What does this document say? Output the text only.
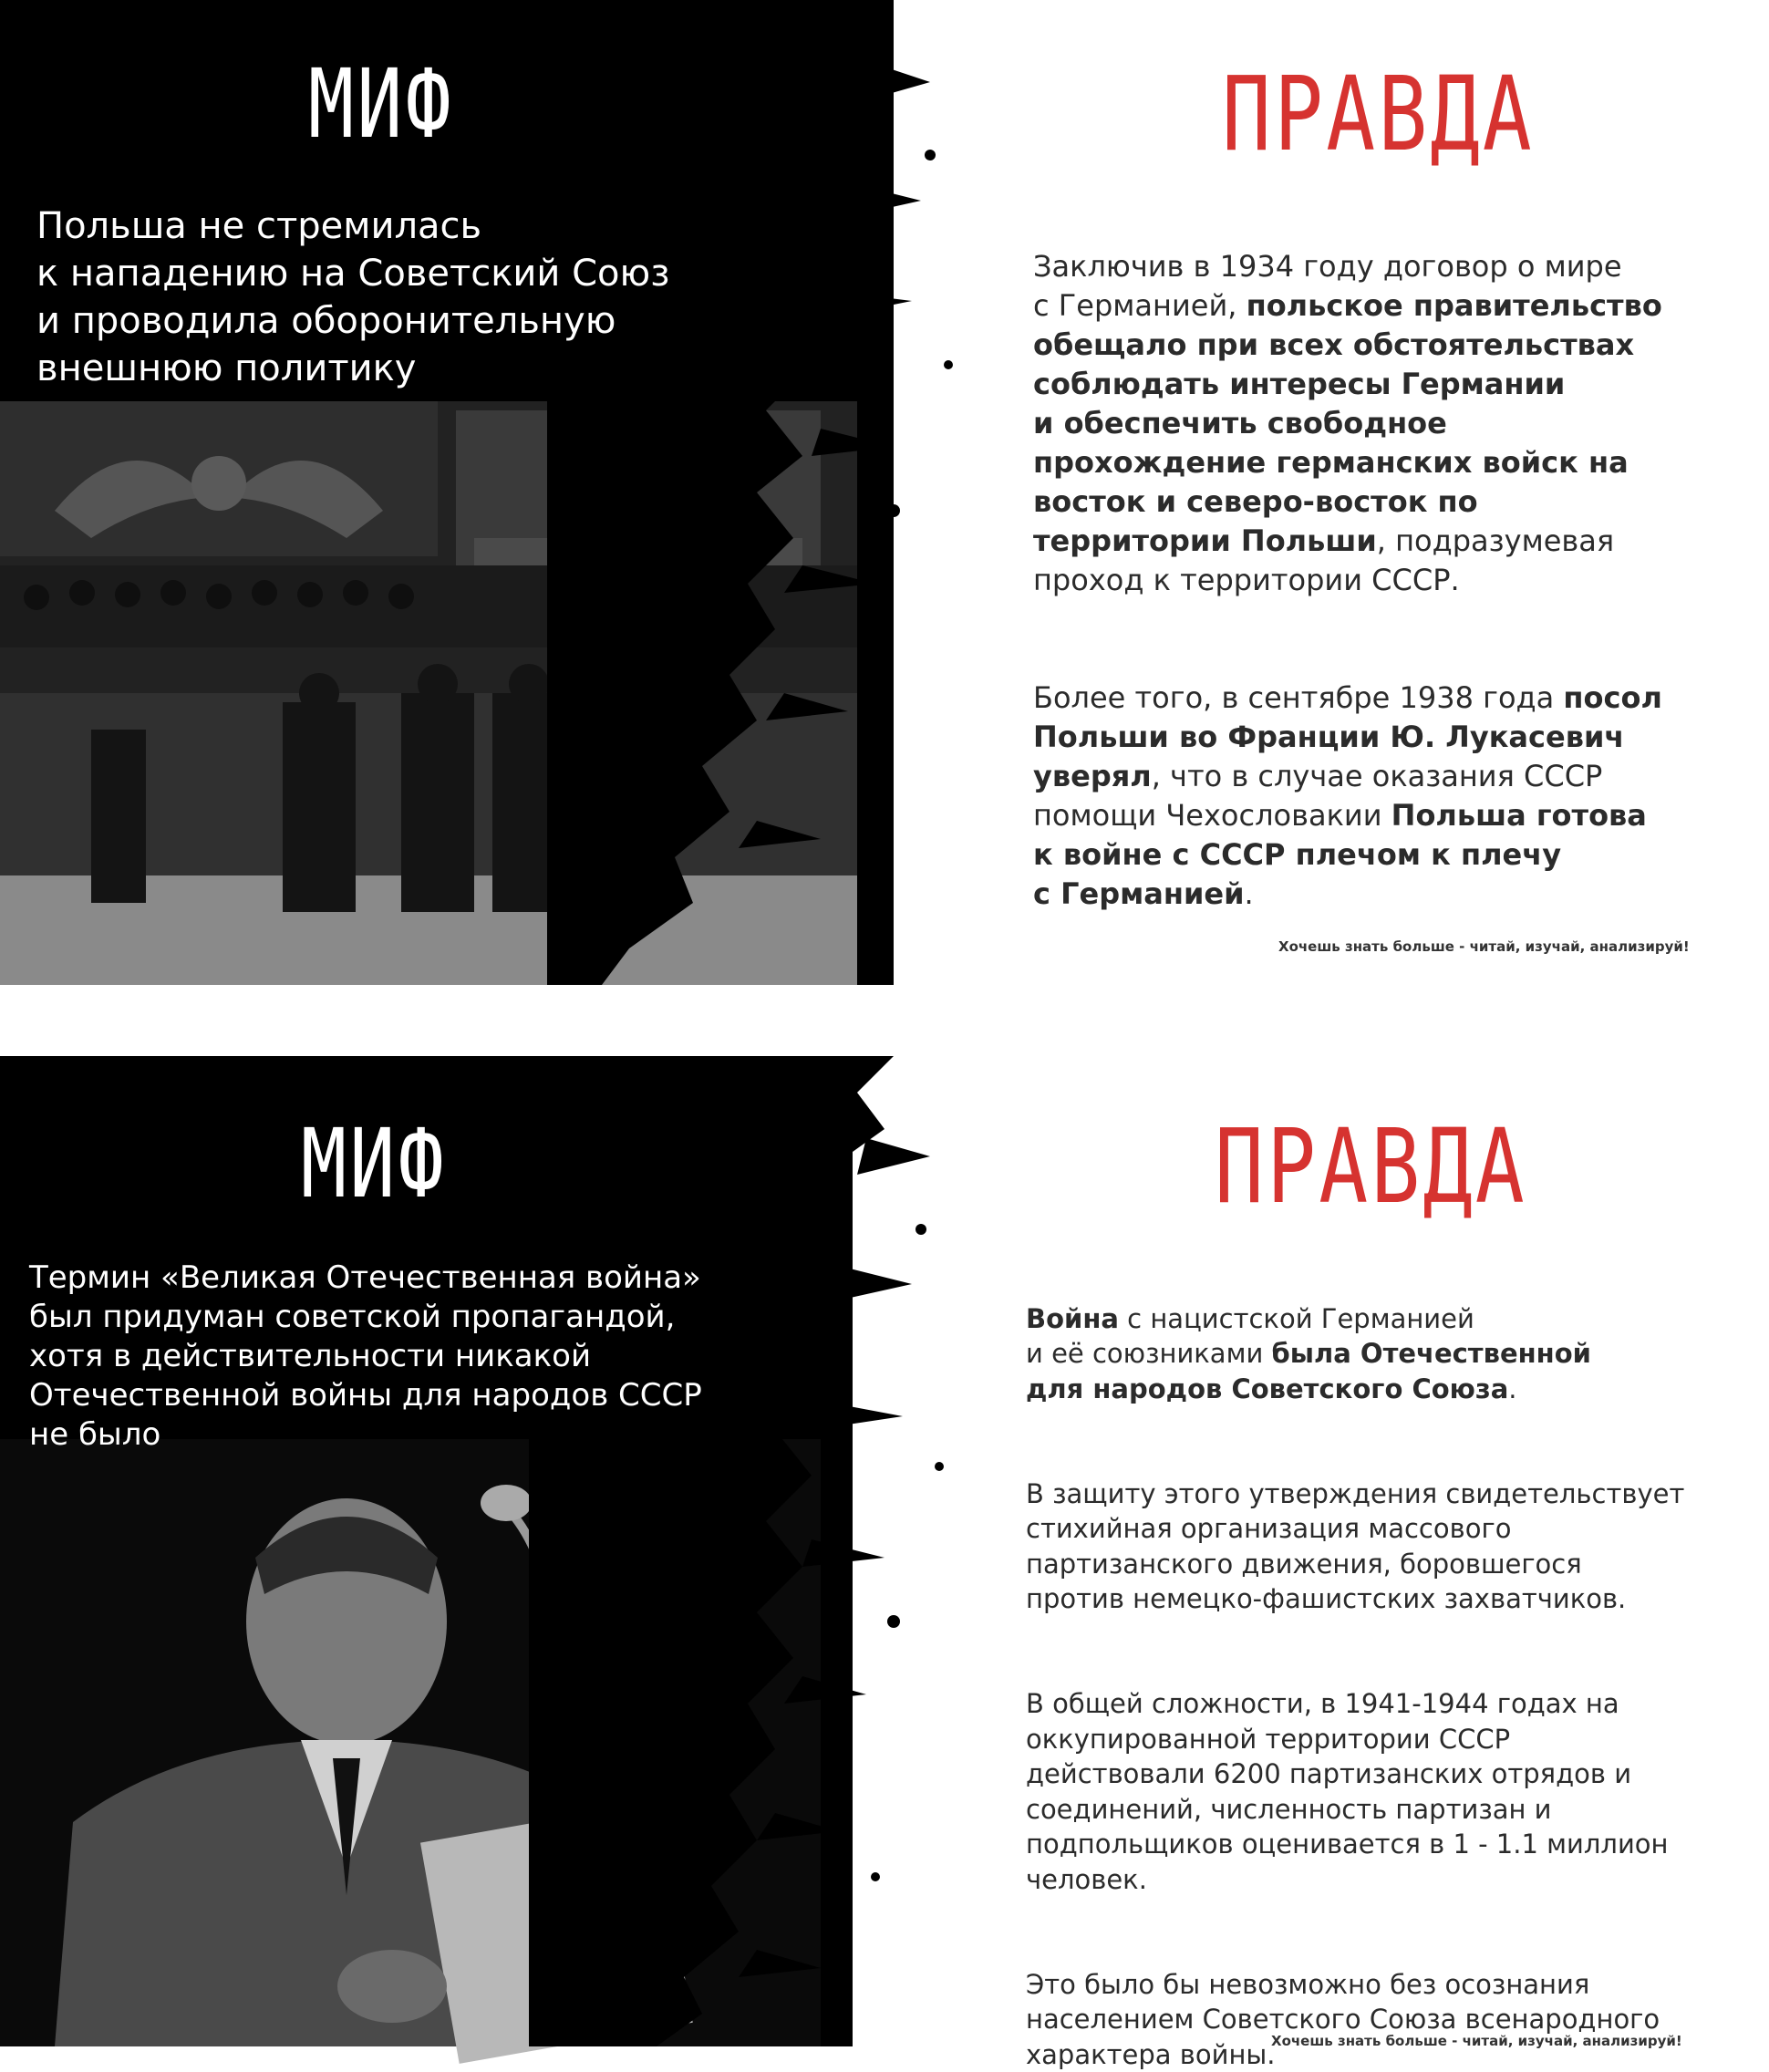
МИФ	ПРАВДА

Польша не стремилась
к нападению на Советский Союз
и проводила оборонительную
внешнюю политику

Заключив в 1934 году договор о мире
с Германией, польское правительство
обещало при всех обстоятельствах
соблюдать интересы Германии
и обеспечить свободное
прохождение германских войск на
восток и северо-восток по
территории Польши, подразумевая
проход к территории СССР.

Более того, в сентябре 1938 года посол
Польши во Франции Ю. Лукасевич
уверял, что в случае оказания СССР
помощи Чехословакии Польша готова
к войне с СССР плечом к плечу
с Германией.

Хочешь знать больше - читай, изучай, анализируй!

МИФ	ПРАВДА

Термин «Великая Отечественная война»
был придуман советской пропагандой,
хотя в действительности никакой
Отечественной войны для народов СССР
не было

Война с нацистской Германией
и её союзниками была Отечественной
для народов Советского Союза.

В защиту этого утверждения свидетельствует
стихийная организация массового
партизанского движения, боровшегося
против немецко-фашистских захватчиков.

В общей сложности, в 1941-1944 годах на
оккупированной территории СССР
действовали 6200 партизанских отрядов и
соединений, численность партизан и
подпольщиков оценивается в 1 - 1.1 миллион
человек.

Это было бы невозможно без осознания
населением Советского Союза всенародного
характера войны.

Хочешь знать больше - читай, изучай, анализируй!
